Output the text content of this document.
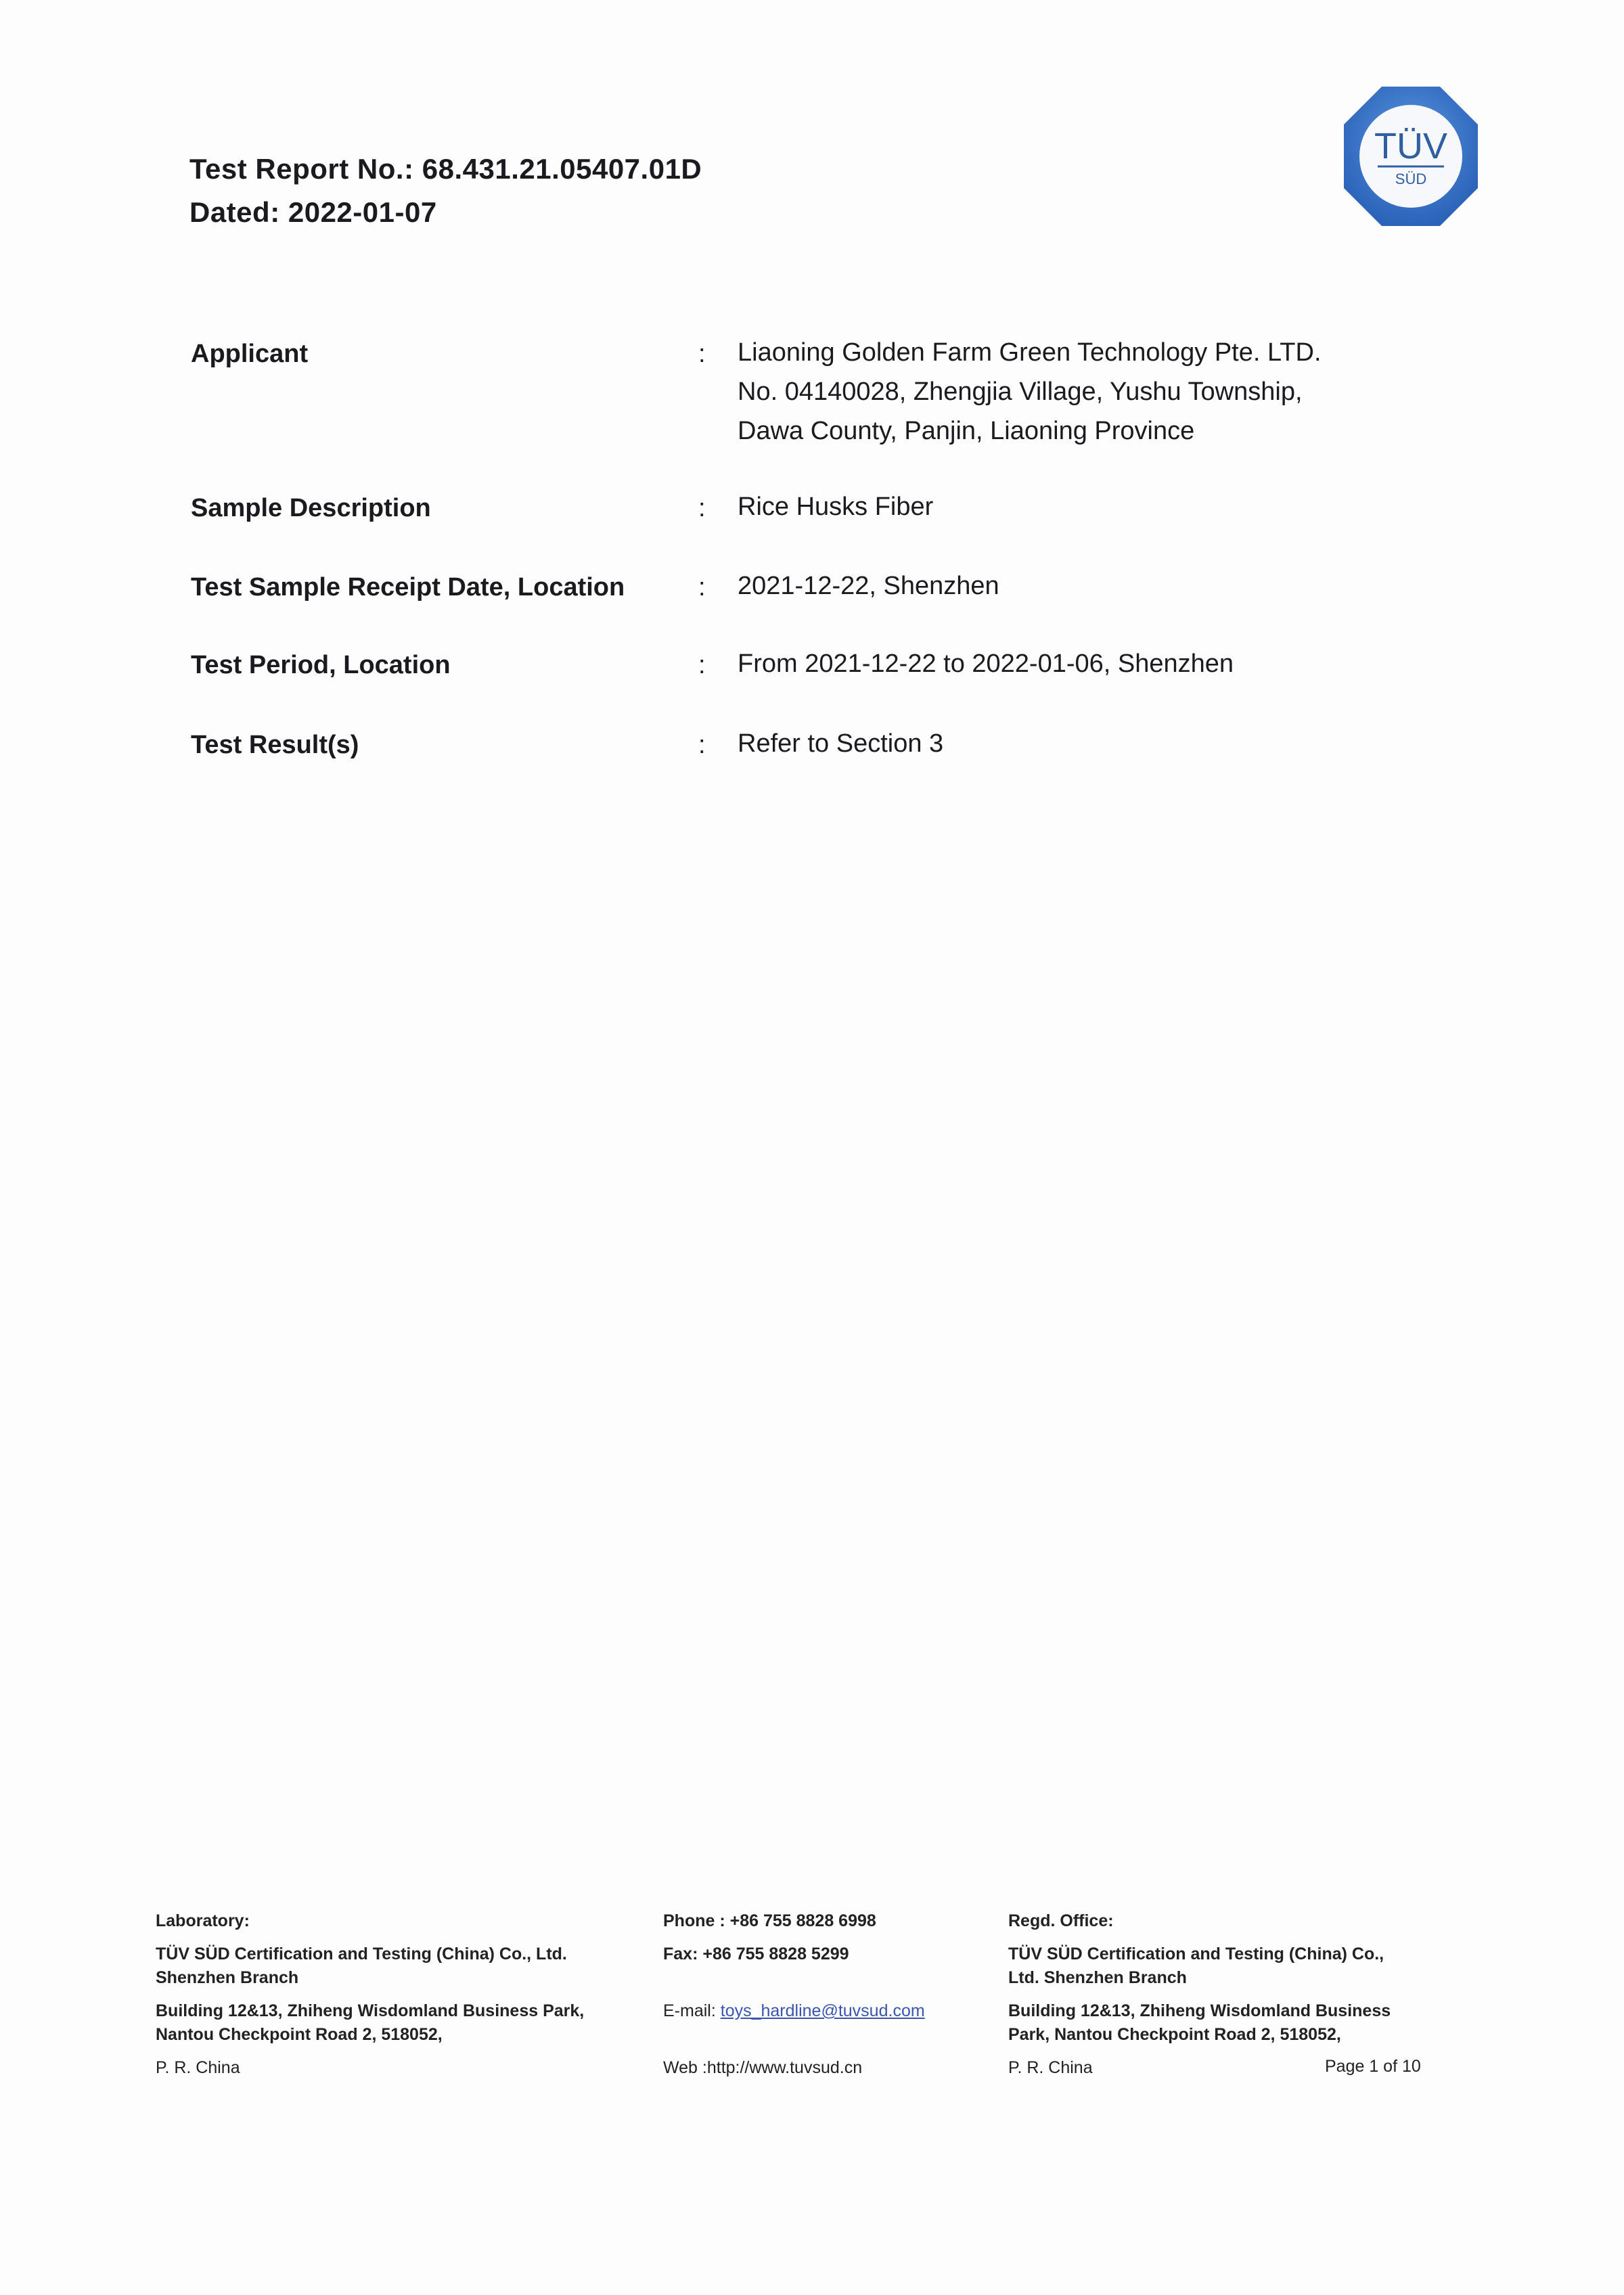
Test Report No.: 68.431.21.05407.01D
Dated: 2022-01-07
TÜV
SÜD
Applicant	: Liaoning Golden Farm Green Technology Pte. LTD.
No. 04140028, Zhengjia Village, Yushu Township,
Dawa County, Panjin, Liaoning Province
Sample Description	: Rice Husks Fiber
Test Sample Receipt Date, Location	: 2021-12-22, Shenzhen
Test Period, Location	: From 2021-12-22 to 2022-01-06, Shenzhen
Test Result(s)	: Refer to Section 3
Laboratory:
TÜV SÜD Certification and Testing (China) Co., Ltd.
Shenzhen Branch
Building 12&13, Zhiheng Wisdomland Business Park,
Nantou Checkpoint Road 2, 518052,
P. R. China
Phone : +86 755 8828 6998
Fax: +86 755 8828 5299
E-mail: toys_hardline@tuvsud.com
Web :http://www.tuvsud.cn
Regd. Office:
TÜV SÜD Certification and Testing (China) Co.,
Ltd. Shenzhen Branch
Building 12&13, Zhiheng Wisdomland Business
Park, Nantou Checkpoint Road 2, 518052,
P. R. China	Page 1 of 10
